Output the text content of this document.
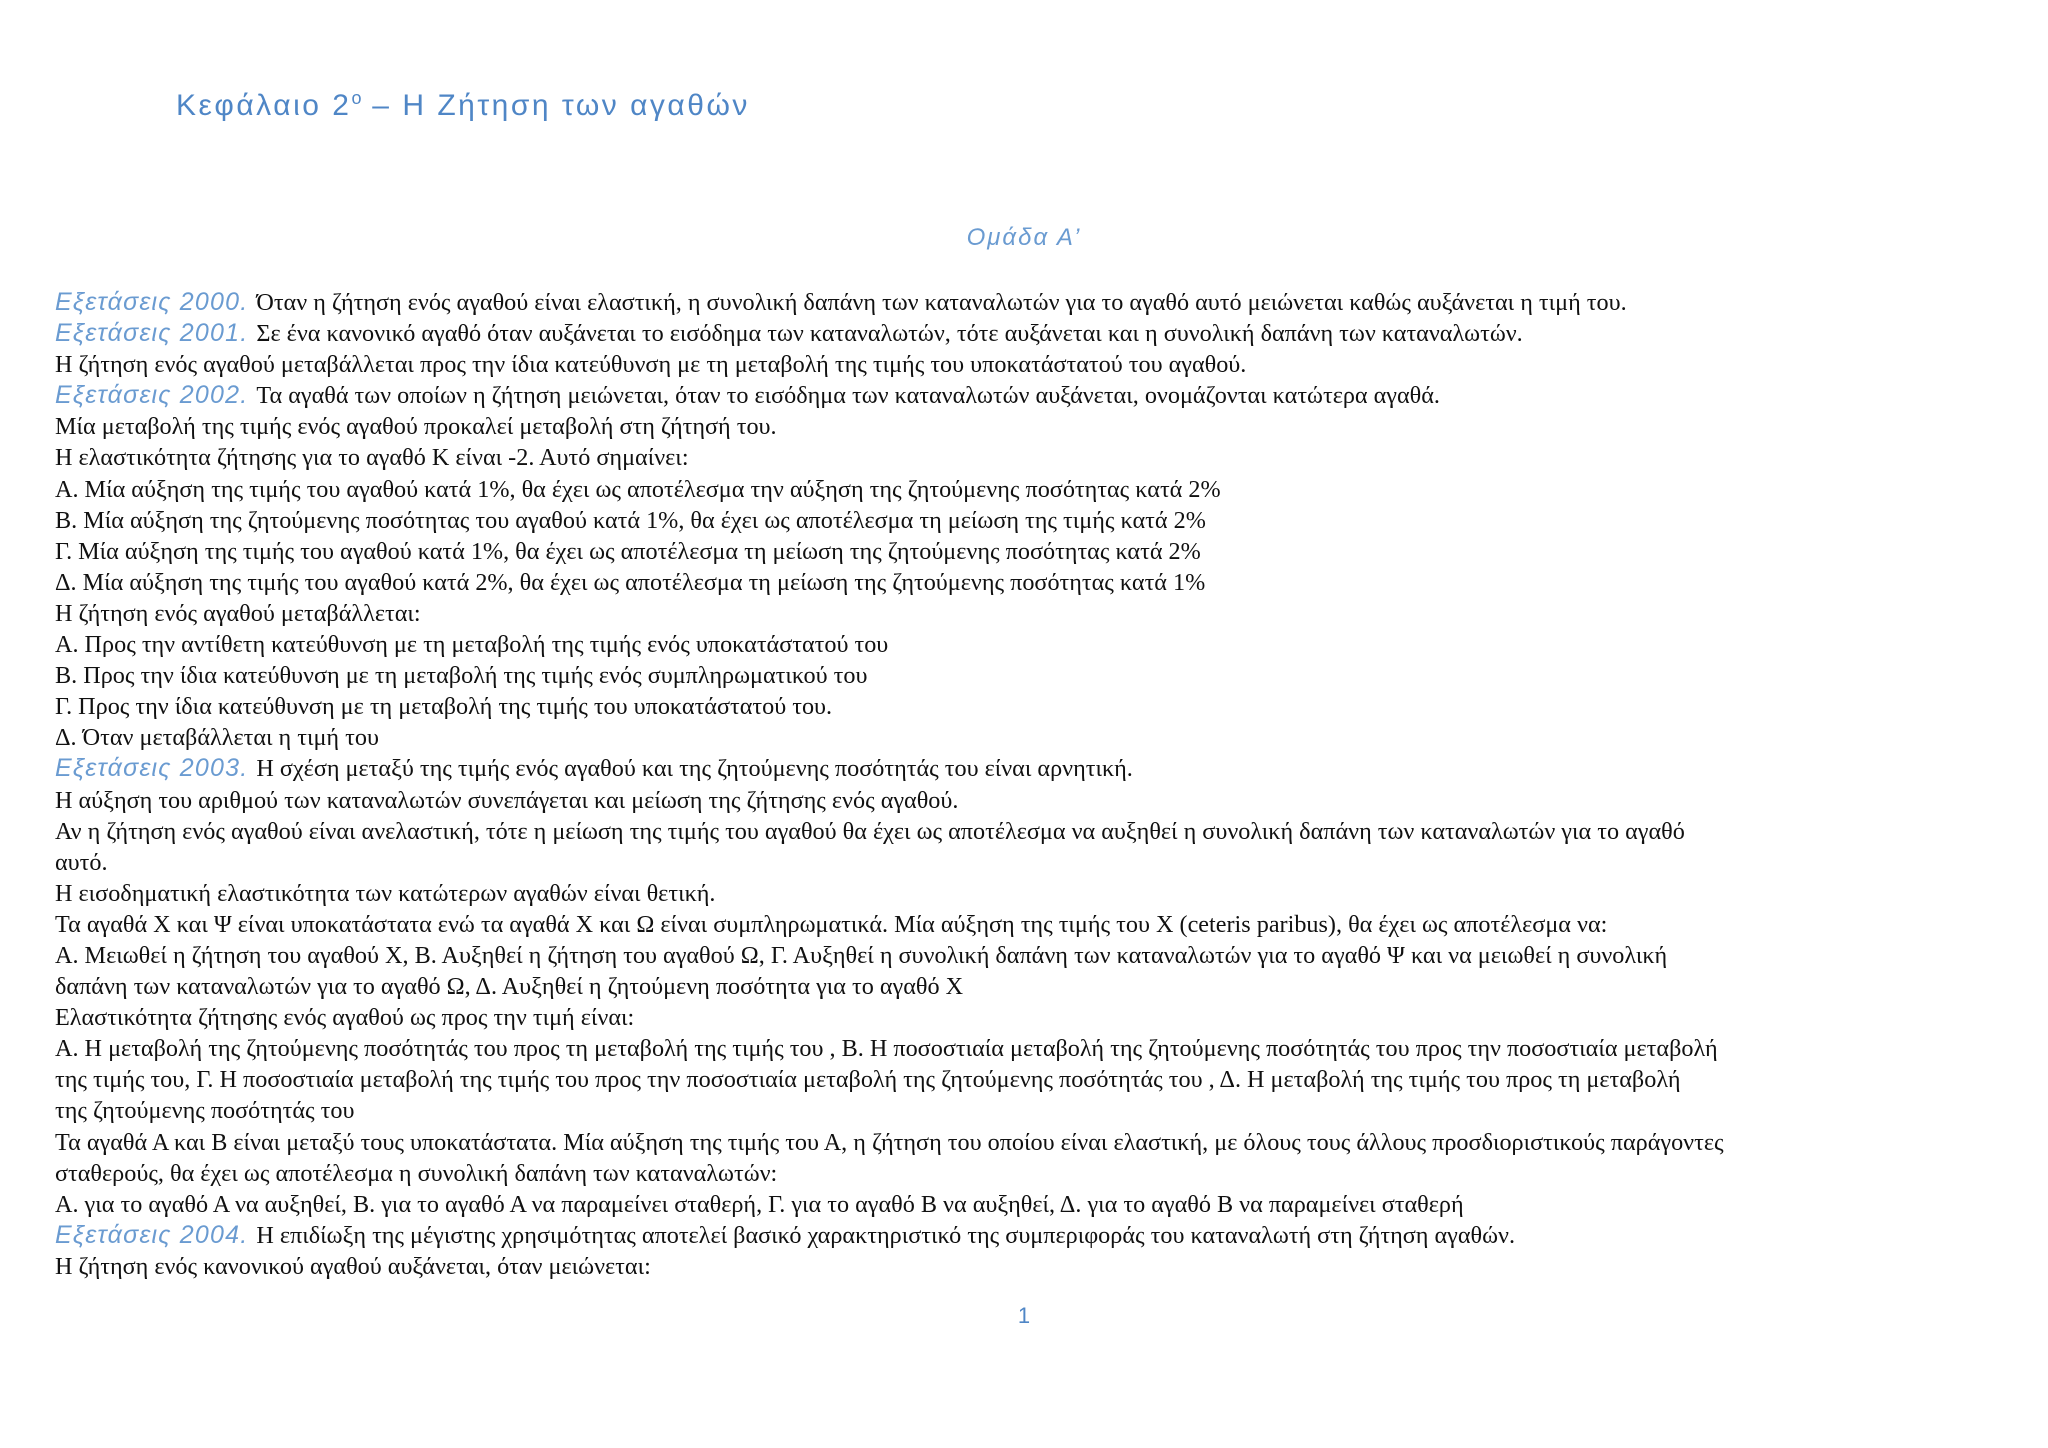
Κεφάλαιο $2^o$ – Η Ζήτηση των αγαθών
Ομάδα Α’
Εξετάσεις 2000. Όταν η ζήτηση ενός αγαθού είναι ελαστική, η συνολική δαπάνη των καταναλωτών για το αγαθό αυτό μειώνεται καθώς αυξάνεται η τιμή του.
Εξετάσεις 2001. Σε ένα κανονικό αγαθό όταν αυξάνεται το εισόδημα των καταναλωτών, τότε αυξάνεται και η συνολική δαπάνη των καταναλωτών.
Η ζήτηση ενός αγαθού μεταβάλλεται προς την ίδια κατεύθυνση με τη μεταβολή της τιμής του υποκατάστατού του αγαθού.
Εξετάσεις 2002. Τα αγαθά των οποίων η ζήτηση μειώνεται, όταν το εισόδημα των καταναλωτών αυξάνεται, ονομάζονται κατώτερα αγαθά.
Μία μεταβολή της τιμής ενός αγαθού προκαλεί μεταβολή στη ζήτησή του.
Η ελαστικότητα ζήτησης για το αγαθό Κ είναι -2. Αυτό σημαίνει:
Α. Μία αύξηση της τιμής του αγαθού κατά 1%, θα έχει ως αποτέλεσμα την αύξηση της ζητούμενης ποσότητας κατά 2%
Β. Μία αύξηση της ζητούμενης ποσότητας του αγαθού κατά 1%, θα έχει ως αποτέλεσμα τη μείωση της τιμής κατά 2%
Γ. Μία αύξηση της τιμής του αγαθού κατά 1%, θα έχει ως αποτέλεσμα τη μείωση της ζητούμενης ποσότητας κατά 2%
Δ. Μία αύξηση της τιμής του αγαθού κατά 2%, θα έχει ως αποτέλεσμα τη μείωση της ζητούμενης ποσότητας κατά 1%
Η ζήτηση ενός αγαθού μεταβάλλεται:
Α. Προς την αντίθετη κατεύθυνση με τη μεταβολή της τιμής ενός υποκατάστατού του
Β. Προς την ίδια κατεύθυνση με τη μεταβολή της τιμής ενός συμπληρωματικού του
Γ. Προς την ίδια κατεύθυνση με τη μεταβολή της τιμής του υποκατάστατού του.
Δ. Όταν μεταβάλλεται η τιμή του
Εξετάσεις 2003. Η σχέση μεταξύ της τιμής ενός αγαθού και της ζητούμενης ποσότητάς του είναι αρνητική.
Η αύξηση του αριθμού των καταναλωτών συνεπάγεται και μείωση της ζήτησης ενός αγαθού.
Αν η ζήτηση ενός αγαθού είναι ανελαστική, τότε η μείωση της τιμής του αγαθού θα έχει ως αποτέλεσμα να αυξηθεί η συνολική δαπάνη των καταναλωτών για το αγαθό
αυτό.
Η εισοδηματική ελαστικότητα των κατώτερων αγαθών είναι θετική.
Τα αγαθά Χ και Ψ είναι υποκατάστατα ενώ τα αγαθά Χ και Ω είναι συμπληρωματικά. Μία αύξηση της τιμής του Χ (ceteris paribus), θα έχει ως αποτέλεσμα να:
Α. Μειωθεί η ζήτηση του αγαθού Χ, Β. Αυξηθεί η ζήτηση του αγαθού Ω, Γ. Αυξηθεί η συνολική δαπάνη των καταναλωτών για το αγαθό Ψ και να μειωθεί η συνολική
δαπάνη των καταναλωτών για το αγαθό Ω, Δ. Αυξηθεί η ζητούμενη ποσότητα για το αγαθό Χ
Ελαστικότητα ζήτησης ενός αγαθού ως προς την τιμή είναι:
Α. Η μεταβολή της ζητούμενης ποσότητάς του προς τη μεταβολή της τιμής του , Β. Η ποσοστιαία μεταβολή της ζητούμενης ποσότητάς του προς την ποσοστιαία μεταβολή
της τιμής του, Γ. Η ποσοστιαία μεταβολή της τιμής του προς την ποσοστιαία μεταβολή της ζητούμενης ποσότητάς του , Δ. Η μεταβολή της τιμής του προς τη μεταβολή
της ζητούμενης ποσότητάς του
Τα αγαθά Α και Β είναι μεταξύ τους υποκατάστατα. Μία αύξηση της τιμής του Α, η ζήτηση του οποίου είναι ελαστική, με όλους τους άλλους προσδιοριστικούς παράγοντες
σταθερούς, θα έχει ως αποτέλεσμα η συνολική δαπάνη των καταναλωτών:
Α. για το αγαθό Α να αυξηθεί, Β. για το αγαθό Α να παραμείνει σταθερή, Γ. για το αγαθό Β να αυξηθεί, Δ. για το αγαθό Β να παραμείνει σταθερή
Εξετάσεις 2004. Η επιδίωξη της μέγιστης χρησιμότητας αποτελεί βασικό χαρακτηριστικό της συμπεριφοράς του καταναλωτή στη ζήτηση αγαθών.
Η ζήτηση ενός κανονικού αγαθού αυξάνεται, όταν μειώνεται:
1
